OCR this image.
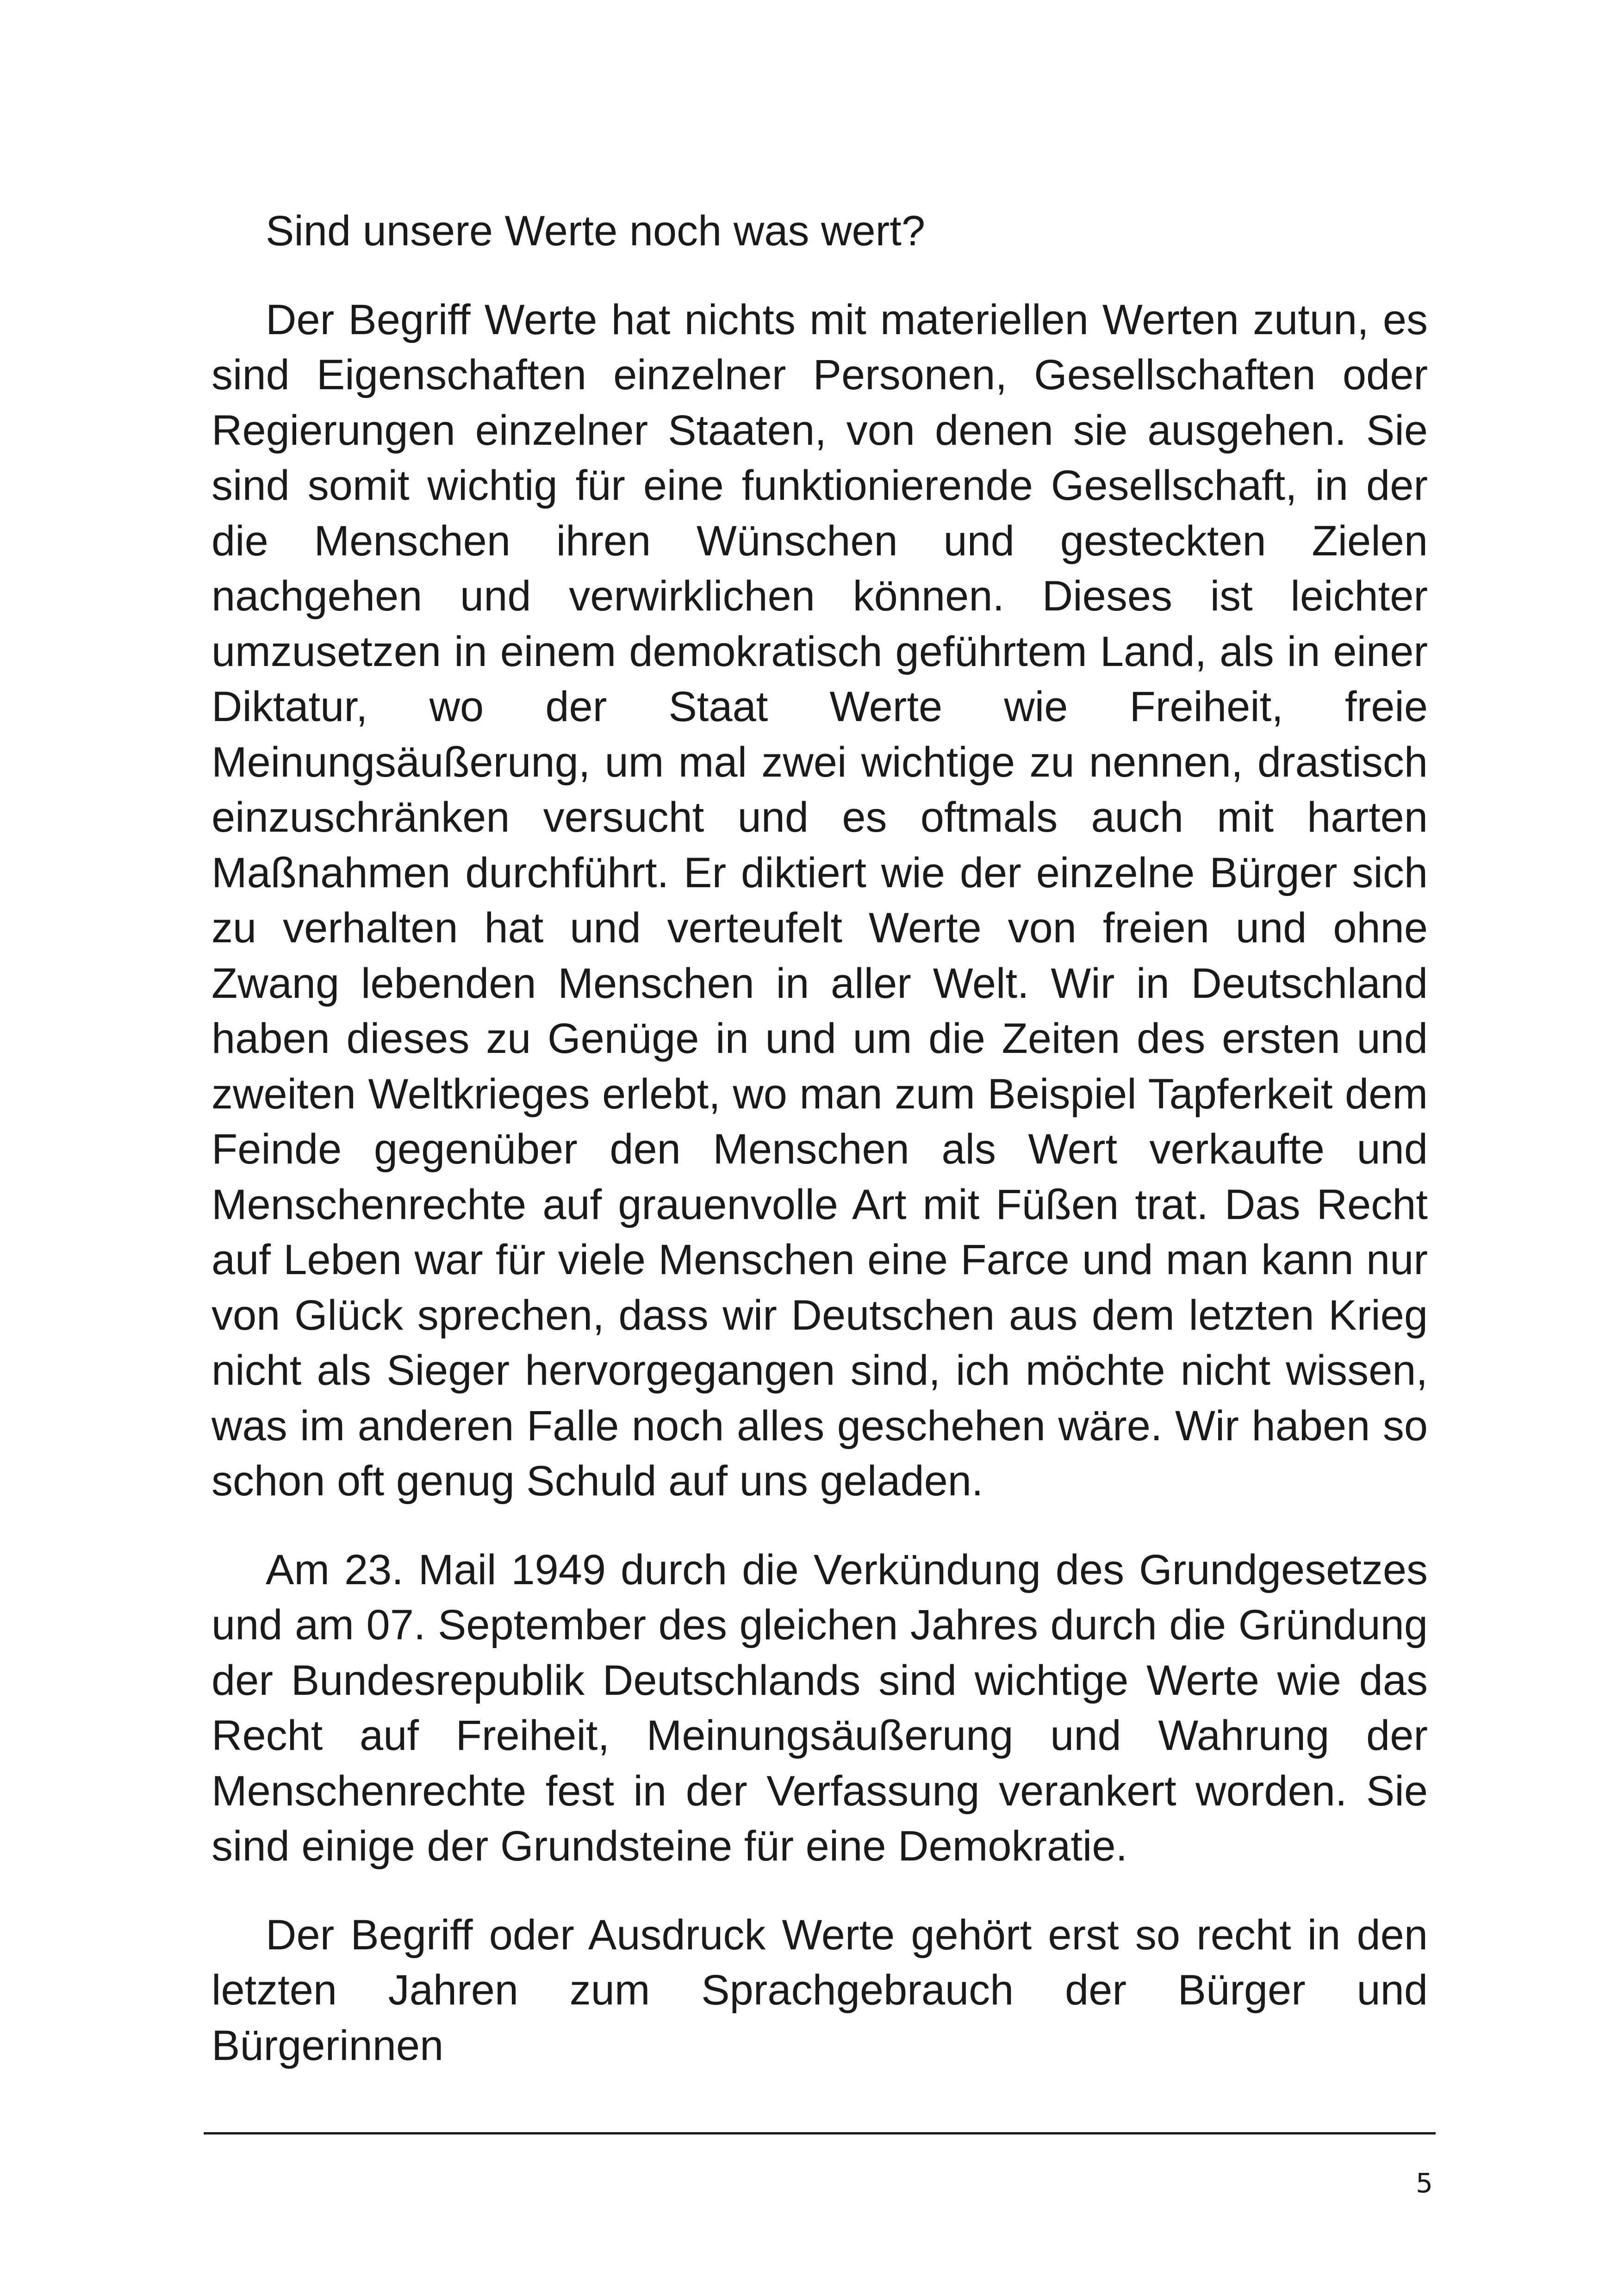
Sind unsere Werte noch was wert?

Der Begriff Werte hat nichts mit materiellen Werten zutun, es sind Eigenschaften einzelner Personen, Gesellschaften oder Regierungen einzelner Staaten, von denen sie ausgehen. Sie sind somit wichtig für eine funktionierende Gesellschaft, in der die Menschen ihren Wünschen und gesteckten Zielen nachgehen und verwirklichen können. Dieses ist leichter umzusetzen in einem demokratisch geführtem Land, als in einer Diktatur, wo der Staat Werte wie Freiheit, freie Meinungsäußerung, um mal zwei wichtige zu nennen, drastisch einzuschränken versucht und es oftmals auch mit harten Maßnahmen durchführt. Er diktiert wie der einzelne Bürger sich zu verhalten hat und verteufelt Werte von freien und ohne Zwang lebenden Menschen in aller Welt. Wir in Deutschland haben dieses zu Genüge in und um die Zeiten des ersten und zweiten Weltkrieges erlebt, wo man zum Beispiel Tapferkeit dem Feinde gegenüber den Menschen als Wert verkaufte und Menschenrechte auf grauenvolle Art mit Füßen trat. Das Recht auf Leben war für viele Menschen eine Farce und man kann nur von Glück sprechen, dass wir Deutschen aus dem letzten Krieg nicht als Sieger hervorgegangen sind, ich möchte nicht wissen, was im anderen Falle noch alles geschehen wäre. Wir haben so schon oft genug Schuld auf uns geladen.

Am 23. Mail 1949 durch die Verkündung des Grundgesetzes und am 07. September des gleichen Jahres durch die Gründung der Bundesrepublik Deutschlands sind wichtige Werte wie das Recht auf Freiheit, Meinungsäußerung und Wahrung der Menschenrechte fest in der Verfassung verankert worden. Sie sind einige der Grundsteine für eine Demokratie.

Der Begriff oder Ausdruck Werte gehört erst so recht in den letzten Jahren zum Sprachgebrauch der Bürger und Bürgerinnen

5
